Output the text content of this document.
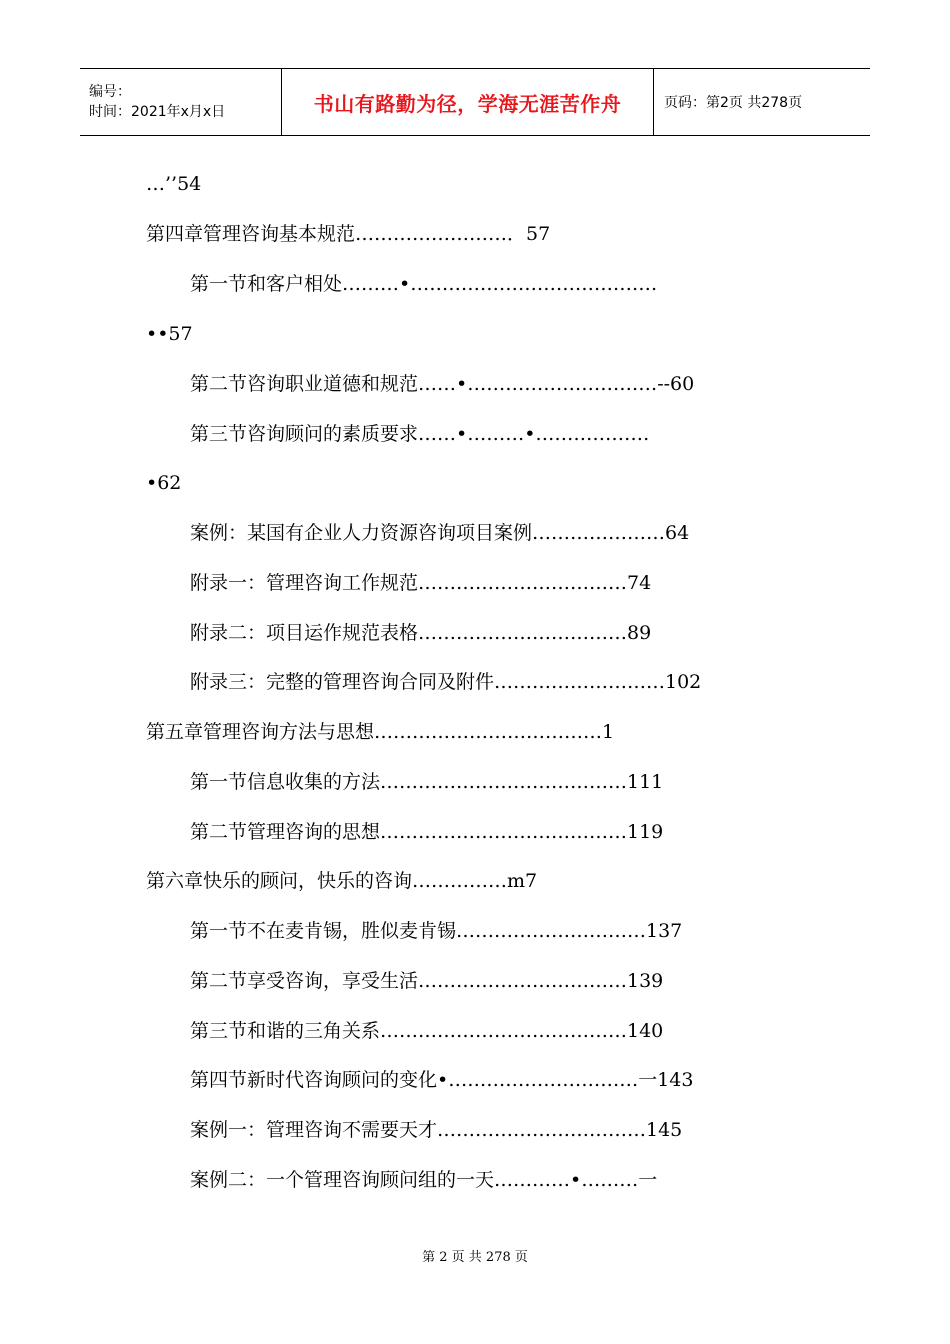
编号：
时间：2021年x月x日	书山有路勤为径，学海无涯苦作舟	页码：第2页 共278页
…’’54
第四章管理咨询基本规范……………………．57
第一节和客户相处………•…………………………………
••57
第二节咨询职业道德和规范……•…………………………--60
第三节咨询顾问的素质要求……•………•………………
•62
案例：某国有企业人力资源咨询项目案例…………………64
附录一：管理咨询工作规范……………………………74
附录二：项目运作规范表格……………………………89
附录三：完整的管理咨询合同及附件………………………102
第五章管理咨询方法与思想………………………………1
第一节信息收集的方法…………………………………111
第二节管理咨询的思想…………………………………119
第六章快乐的顾问，快乐的咨询……………m7
第一节不在麦肯锡，胜似麦肯锡…………………………137
第二节享受咨询，享受生活……………………………139
第三节和谐的三角关系…………………………………140
第四节新时代咨询顾问的变化•…………………………一143
案例一：管理咨询不需要天才……………………………145
案例二：一个管理咨询顾问组的一天…………•………一
第 2 页 共 278 页
